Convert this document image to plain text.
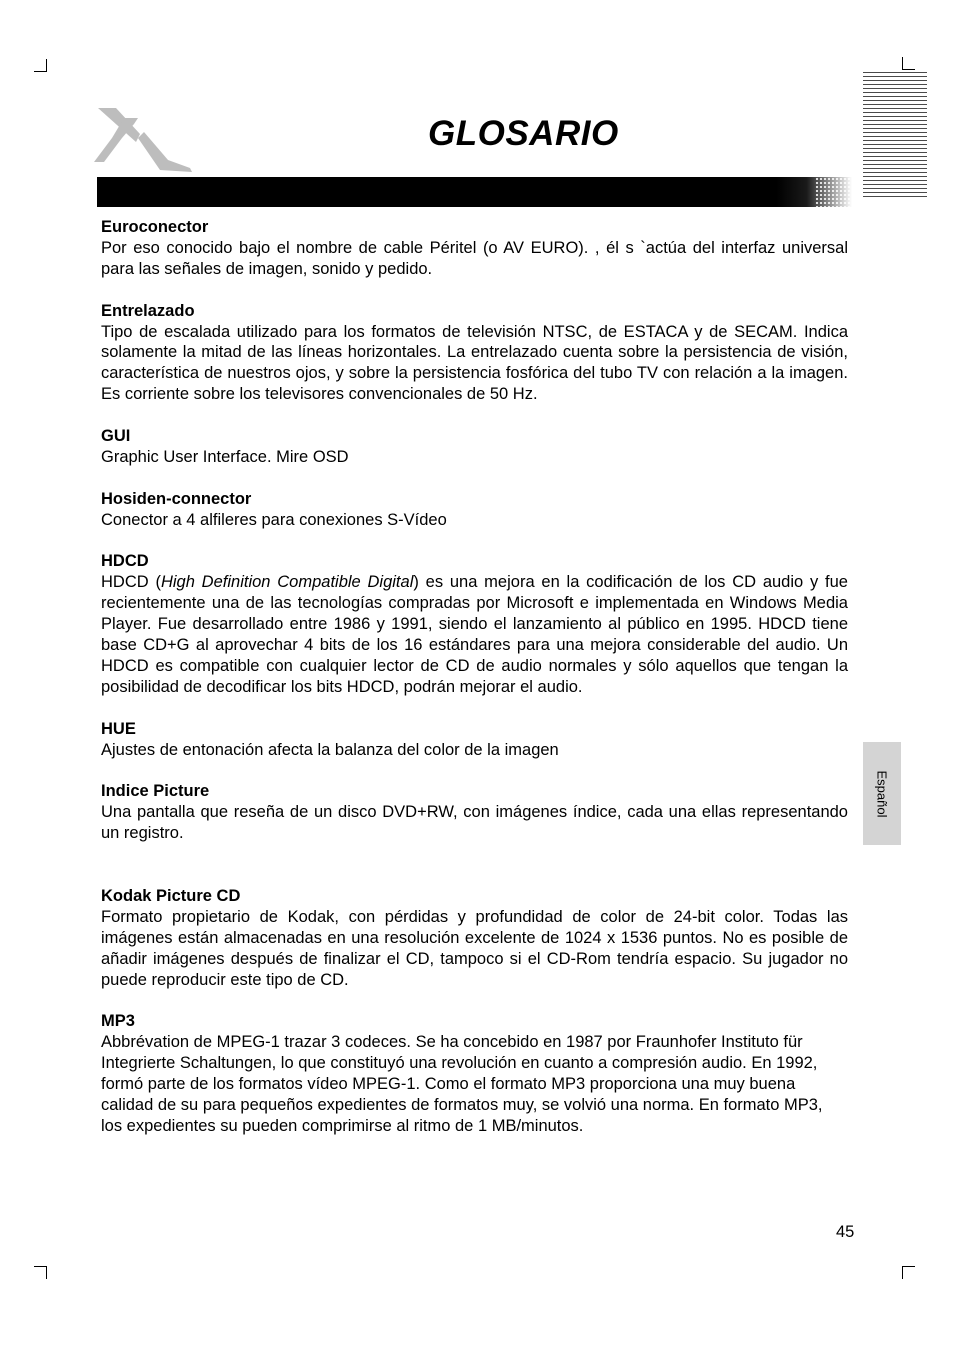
GLOSARIO
Español
Euroconector
Por eso conocido bajo el nombre de cable Péritel (o AV EURO). , él s `actúa del interfaz universal para las señales de imagen, sonido y pedido.
Entrelazado
Tipo de escalada utilizado para los formatos de televisión NTSC, de ESTACA y de SECAM. Indica solamente la mitad de las líneas horizontales. La entrelazado cuenta sobre la persistencia de visión, característica de nuestros ojos, y sobre la persistencia fosfórica del tubo TV con relación a la imagen. Es corriente sobre los televisores convencionales de 50 Hz.
GUI
Graphic User Interface. Mire OSD
Hosiden-connector
Conector a 4 alfileres para conexiones S-Vídeo
HDCD
HDCD (High Definition Compatible Digital) es una mejora en la codificación de los CD audio y fue recientemente una de las tecnologías compradas por Microsoft e implementada en Windows Media Player. Fue desarrollado entre 1986 y 1991, siendo el lanzamiento al público en 1995. HDCD tiene base CD+G al aprovechar 4 bits de los 16 estándares para una mejora considerable del audio. Un HDCD es compatible con cualquier lector de CD de audio normales y sólo aquellos que tengan la posibilidad de decodificar los bits HDCD, podrán mejorar el audio.
HUE
Ajustes de entonación afecta la balanza del color de la imagen
Indice Picture
Una pantalla que reseña de un disco DVD+RW, con imágenes índice, cada una ellas representando un registro.
Kodak Picture CD
Formato propietario de Kodak, con pérdidas y profundidad de color de 24-bit color. Todas las imágenes están almacenadas en una resolución excelente de 1024 x 1536 puntos. No es posible de añadir imágenes después de finalizar el CD, tampoco si el CD-Rom tendría espacio. Su jugador no puede reproducir este tipo de CD.
MP3
Abbrévation de MPEG-1 trazar 3 codeces. Se ha concebido en 1987 por Fraunhofer Instituto für Integrierte Schaltungen, lo que constituyó una revolución en cuanto a compresión audio. En 1992, formó parte de los formatos vídeo MPEG-1. Como el formato MP3 proporciona una muy buena calidad de su para pequeños expedientes de formatos muy, se volvió una norma. En formato MP3, los expedientes su pueden comprimirse al ritmo de 1 MB/minutos.
45
